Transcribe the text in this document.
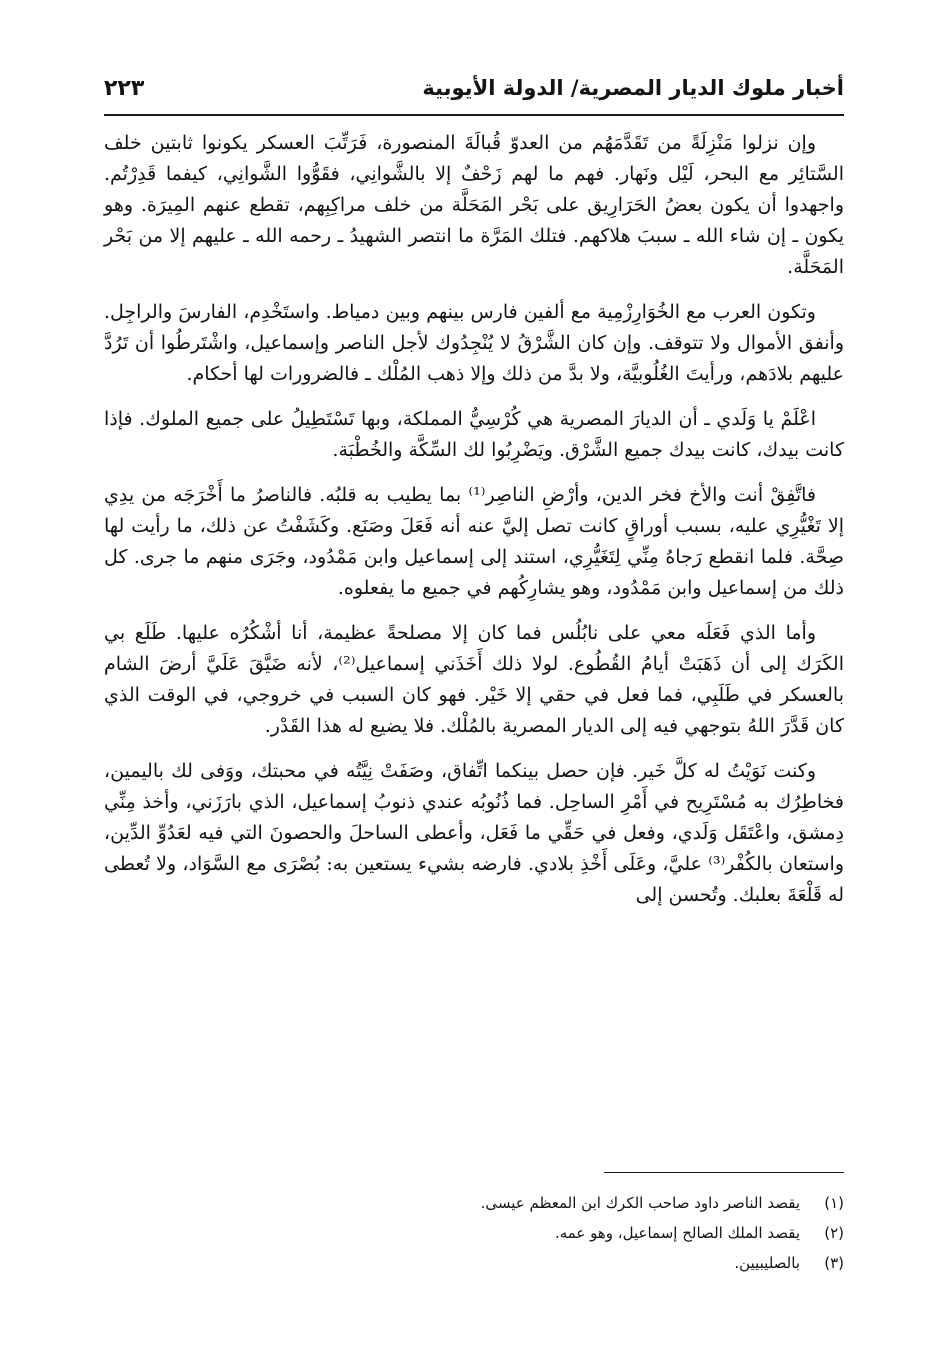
أخبار ملوك الديار المصرية/ الدولة الأيوبية
٢٢٣

وإن نزلوا مَنْزِلَةً من تَقَدَّمَهُم من العدوّ قُبالَةَ المنصورة، فَرَتِّبَ العسكر يكونوا ثابتين خلف السَّتائِر مع البحر، لَيْل ونَهار. فهم ما لهم زَحْفٌ إلا بالشَّوانِي، فقَوُّوا الشَّوانِي، كيفما قَدِرْتُم. واجهدوا أن يكون بعضُ الحَرَارِيق على بَحْر المَحَلَّة من خلف مراكِبِهم، تقطع عنهم المِيرَة. وهو يكون ـ إن شاء الله ـ سببَ هلاكهم. فتلك المَرَّة ما انتصر الشهيدُ ـ رحمه الله ـ عليهم إلا من بَحْر المَحَلَّة.

وتكون العرب مع الخُوَارِزْمِية مع ألفين فارس بينهم وبين دمياط. واستَخْدِم، الفارسَ والراجِل. وأنفق الأموال ولا تتوقف. وإن كان الشَّرْقُ لا يُنْجِدُوك لأجل الناصر وإسماعيل، واشْتَرطُوا أن تَرُدَّ عليهم بلادَهم، ورأيتَ الغُلُوبيَّة، ولا بدَّ من ذلك وإلا ذهب المُلْك ـ فالضرورات لها أحكام.

اعْلَمْ يا وَلَدي ـ أن الديارَ المصرية هي كُرْسِيُّ المملكة، وبها تَسْتَطِيلُ على جميع الملوك. فإذا كانت بيدك، كانت بيدك جميع الشَّرْق. ويَضْرِبُوا لك السِّكَّة والخُطْبَة.

فاتَّفِقْ أنت والأخ فخر الدين، وأرْضِ الناصِر⁽¹⁾ بما يطيب به قلبُه. فالناصرُ ما أَخْرَجَه من يدِي إلا تَغْيُّرِي عليه، بسبب أوراقٍ كانت تصل إليَّ عنه أنه فَعَلَ وصَنَع. وكَشَفْتُ عن ذلك، ما رأيت لها صِحَّة. فلما انقطع رَجاهُ مِنِّي لِتَغَيُّرِي، استند إلى إسماعيل وابن مَمْدُود، وجَرَى منهم ما جرى. كل ذلك من إسماعيل وابن مَمْدُود، وهو يشارِكُهم في جميع ما يفعلوه.

وأما الذي فَعَلَه معي على نابُلُس فما كان إلا مصلحةً عظيمة، أنا أشْكُرُه عليها. طَلَع بي الكَرَك إلى أن ذَهَبَتْ أيامُ القُطُوع. لولا ذلك أَخَذَني إسماعيل⁽²⁾، لأنه ضَيَّقَ عَلَيَّ أرضَ الشام بالعسكر في طَلَبِي، فما فعل في حقي إلا خَيْر. فهو كان السبب في خروجي، في الوقت الذي كان قَدَّرَ اللهُ بتوجهي فيه إلى الديار المصرية بالمُلْك. فلا يضيع له هذا القَدْر.

وكنت نَوَيْتُ له كلَّ خَير. فإن حصل بينكما اتِّفاق، وصَفَتْ نِيَّتُه في محبتك، ووَفى لك باليمين، فخاطِرُك به مُسْتَرِيح في أَمْرِ الساحِل. فما ذُنُوبُه عندي ذنوبُ إسماعيل، الذي بارَزَني، وأخذ مِنِّي دِمشق، واعْتَقَل وَلَدي، وفعل في حَقِّي ما فَعَل، وأعطى الساحلَ والحصونَ التي فيه لعَدُوِّ الدِّين، واستعان بالكُفْر⁽³⁾ عليَّ، وعَلَى أَخْذِ بلادي. فارضه بشيء يستعين به: بُصْرَى مع السَّوَاد، ولا تُعطى له قَلْعَةَ بعلبك. وتُحسن إلى

(١)
يقصد الناصر داود صاحب الكرك ابن المعظم عيسى.
(٢)
يقصد الملك الصالح إسماعيل، وهو عمه.
(٣)
بالصليبيين.
